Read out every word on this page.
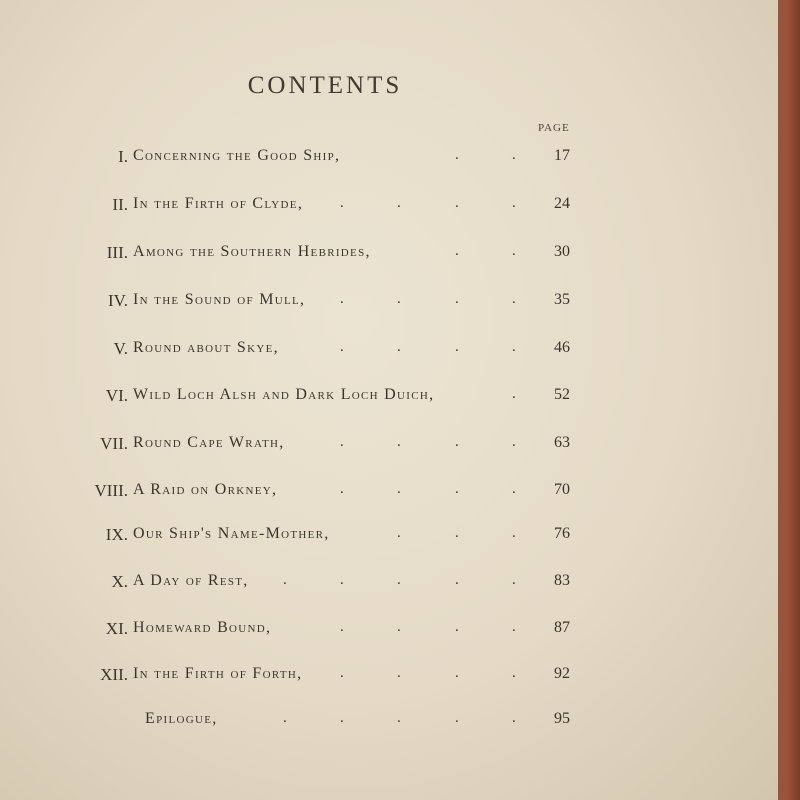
CONTENTS
PAGE
I. Concerning the Good Ship,	.	.	17
II. In the Firth of Clyde, .	.	.	.	24
III. Among the Southern Hebrides,	.	.	30
IV. In the Sound of Mull, .	.	.	.	35
V. Round about Skye,	.	.	.	.	46
VI. Wild Loch Alsh and Dark Loch Duich,	.	52
VII. Round Cape Wrath,	.	.	.	.	63
VIII. A Raid on Orkney,	.	.	.	.	70
IX. Our Ship's Name-Mother,	.	.	.	76
X. A Day of Rest, .	.	.	.	.	83
XI. Homeward Bound,	.	.	.	.	87
XII. In the Firth of Forth,	.	.	.	.	92
Epilogue,	.	.	.	.	.	95
